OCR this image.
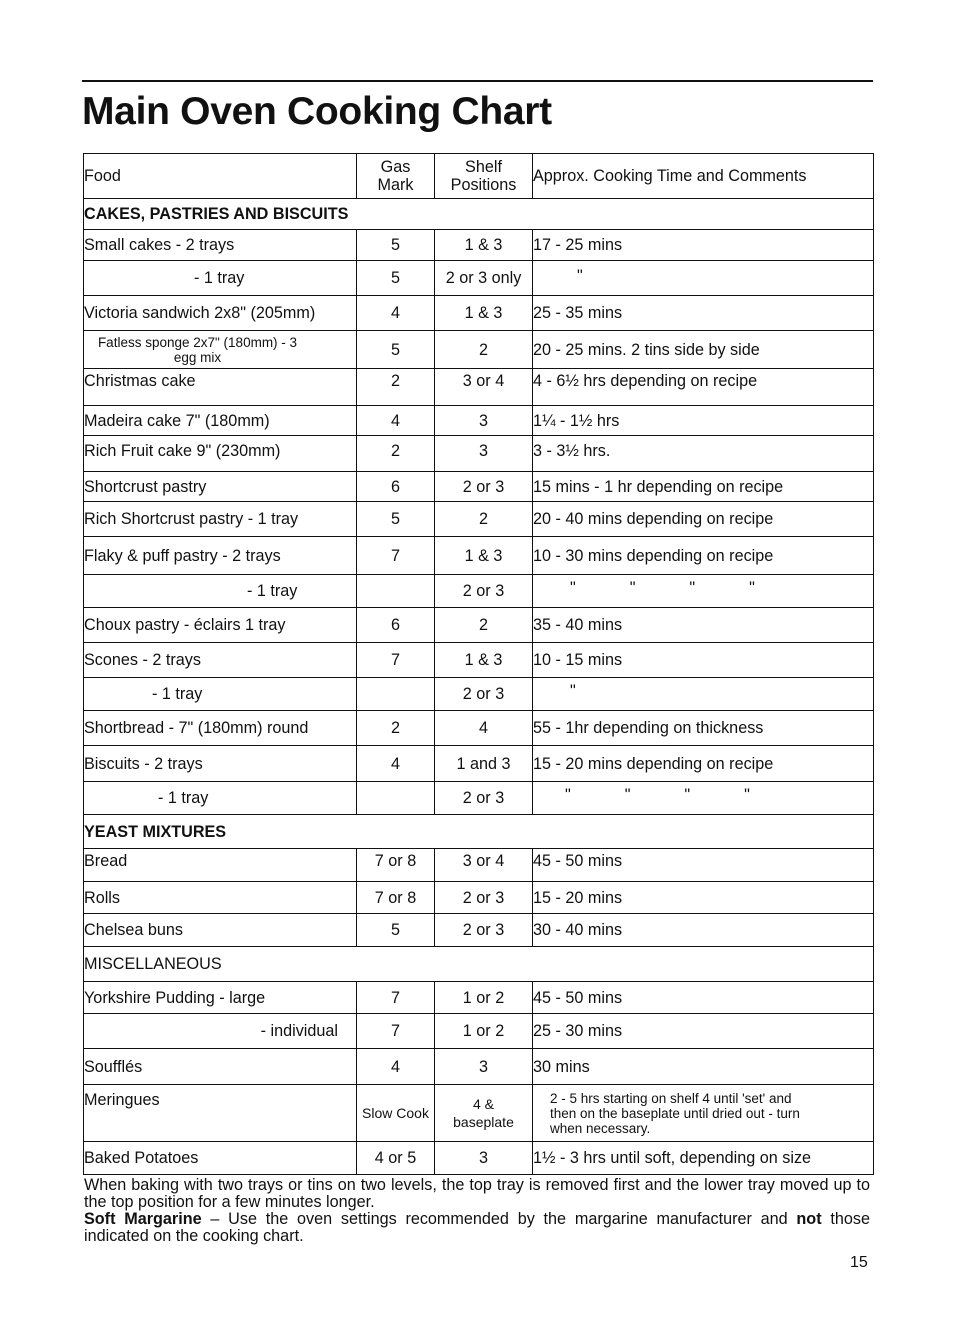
Main Oven Cooking Chart
Food	Gas Mark	Shelf Positions	Approx. Cooking Time and Comments
CAKES, PASTRIES AND BISCUITS			
Small cakes - 2 trays	5	1 & 3	17 - 25 mins
- 1 tray	5	2 or 3 only	"
Victoria sandwich 2x8" (205mm)	4	1 & 3	25 - 35 mins

Fatless sponge 2x7" (180mm) - 3 egg mix	5	2	20 - 25 mins. 2 tins side by side
Christmas cake	2	3 or 4	4 - 6½ hrs depending on recipe
Madeira cake 7" (180mm)	4	3	1¼ - 1½ hrs
Rich Fruit cake 9" (230mm)	2	3	3 - 3½ hrs.
Shortcrust pastry	6	2 or 3	15 mins - 1 hr depending on recipe
Rich Shortcrust pastry - 1 tray	5	2	20 - 40 mins depending on recipe
Flaky & puff pastry - 2 trays	7	1 & 3	10 - 30 mins depending on recipe
- 1 tray		2 or 3	"            "            "            "
Choux pastry - éclairs 1 tray	6	2	35 - 40 mins
Scones - 2 trays	7	1 & 3	10 - 15 mins
- 1 tray		2 or 3	"
Shortbread - 7" (180mm) round	2	4	55 - 1hr depending on thickness
Biscuits - 2 trays	4	1 and 3	15 - 20 mins depending on recipe
- 1 tray		2 or 3	"            "            "            "
YEAST MIXTURES			
Bread	7 or 8	3 or 4	45 - 50 mins
Rolls	7 or 8	2 or 3	15 - 20 mins
Chelsea buns	5	2 or 3	30 - 40 mins
MISCELLANEOUS			
Yorkshire Pudding - large	7	1 or 2	45 - 50 mins
- individual	7	1 or 2	25 - 30 mins
Soufflés	4	3	30 mins
Meringues	Slow Cook	4 & baseplate	2 - 5 hrs starting on shelf 4 until 'set' and then on the baseplate until dried out - turn when necessary.

Baked Potatoes	4 or 5	3	1½ - 3 hrs until soft, depending on size

When baking with two trays or tins on two levels, the top tray is removed first and the lower tray moved up to the top position for a few minutes longer.

Soft Margarine – Use the oven settings recommended by the margarine manufacturer and not those indicated on the cooking chart.

15
